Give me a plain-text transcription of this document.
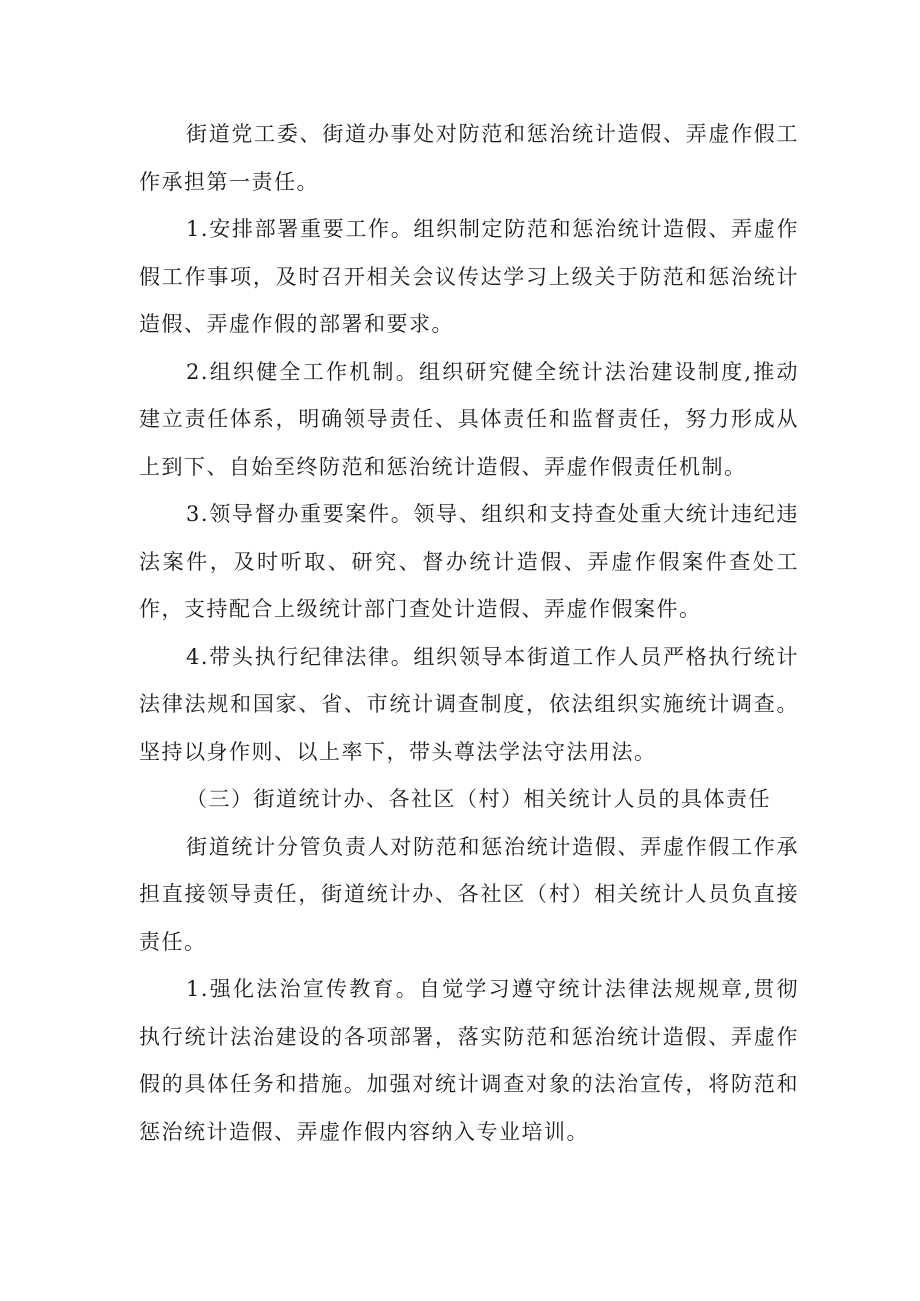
街道党工委、街道办事处对防范和惩治统计造假、弄虚作假工作承担第一责任。

1.安排部署重要工作。组织制定防范和惩治统计造假、弄虚作假工作事项，及时召开相关会议传达学习上级关于防范和惩治统计造假、弄虚作假的部署和要求。

2.组织健全工作机制。组织研究健全统计法治建设制度,推动建立责任体系，明确领导责任、具体责任和监督责任，努力形成从上到下、自始至终防范和惩治统计造假、弄虚作假责任机制。

3.领导督办重要案件。领导、组织和支持查处重大统计违纪违法案件，及时听取、研究、督办统计造假、弄虚作假案件查处工作，支持配合上级统计部门查处计造假、弄虚作假案件。

4.带头执行纪律法律。组织领导本街道工作人员严格执行统计法律法规和国家、省、市统计调查制度，依法组织实施统计调查。坚持以身作则、以上率下，带头尊法学法守法用法。

（三）街道统计办、各社区（村）相关统计人员的具体责任

街道统计分管负责人对防范和惩治统计造假、弄虚作假工作承担直接领导责任，街道统计办、各社区（村）相关统计人员负直接责任。

1.强化法治宣传教育。自觉学习遵守统计法律法规规章,贯彻执行统计法治建设的各项部署，落实防范和惩治统计造假、弄虚作假的具体任务和措施。加强对统计调查对象的法治宣传，将防范和惩治统计造假、弄虚作假内容纳入专业培训。
